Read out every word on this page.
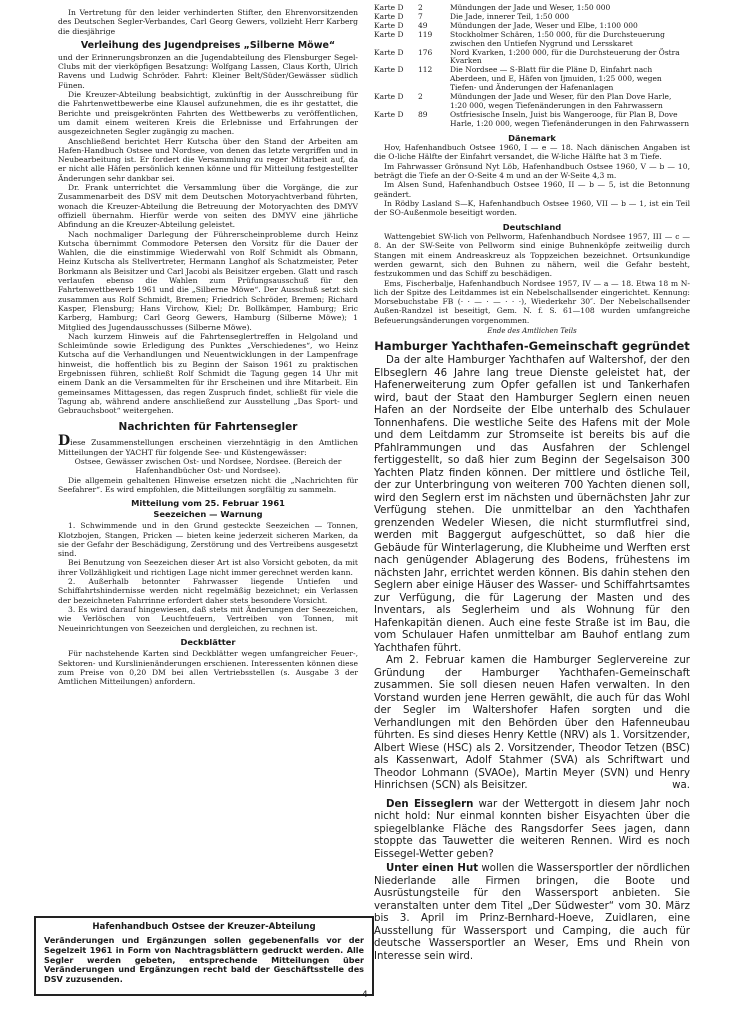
In Vertretung für den leider verhinderten Stifter, den Ehrenvorsitzenden des Deutschen Segler-Verbandes, Carl Georg Gewers, vollzieht Herr Karberg die diesjährige

Verleihung des Jugendpreises „Silberne Möwe“

und der Erinnerungsbronzen an die Jugendabteilung des Flensburger Segel-Clubs mit der vierköpfigen Besatzung: Wolfgang Lassen, Claus Korth, Ulrich Ravens und Ludwig Schröder. Fahrt: Kleiner Belt/Süder/Gewässer südlich Fünen.

Die Kreuzer-Abteilung beabsichtigt, zukünftig in der Ausschreibung für die Fahrtenwettbewerbe eine Klausel aufzunehmen, die es ihr gestattet, die Berichte und preisgekrönten Fahrten des Wettbewerbs zu veröffentlichen, um damit einem weiteren Kreis die Erlebnisse und Erfahrungen der ausgezeichneten Segler zugängig zu machen.

Anschließend berichtet Herr Kutscha über den Stand der Arbeiten am Hafen-Handbuch Ostsee und Nordsee, von denen das letzte vergriffen und in Neubearbeitung ist. Er fordert die Versammlung zu reger Mitarbeit auf, da er nicht alle Häfen persönlich kennen könne und für Mitteilung festgestellter Änderungen sehr dankbar sei.

Dr. Frank unterrichtet die Versammlung über die Vorgänge, die zur Zusammenarbeit des DSV mit dem Deutschen Motoryachtverband führten, wonach die Kreuzer-Abteilung die Betreuung der Motoryachten des DMYV offiziell übernahm. Hierfür werde von seiten des DMYV eine jährliche Abfindung an die Kreuzer-Abteilung geleistet.

Nach nochmaliger Darlegung der Führerscheinprobleme durch Heinz Kutscha übernimmt Commodore Petersen den Vorsitz für die Dauer der Wahlen, die die einstimmige Wiederwahl von Rolf Schmidt als Obmann, Heinz Kutscha als Stellvertreter, Hermann Langhof als Schatzmeister, Peter Borkmann als Beisitzer und Carl Jacobi als Beisitzer ergeben. Glatt und rasch verlaufen ebenso die Wahlen zum Prüfungsausschuß für den Fahrtenwettbewerb 1961 und die „Silberne Möwe“. Der Ausschuß setzt sich zusammen aus Rolf Schmidt, Bremen; Friedrich Schröder, Bremen; Richard Kasper, Flensburg; Hans Virchow, Kiel; Dr. Bollkämper, Hamburg; Eric Karberg, Hamburg; Carl Georg Gewers, Hamburg (Silberne Möwe); 1 Mitglied des Jugendausschusses (Silberne Möwe).

Nach kurzem Hinweis auf die Fahrtenseglertreffen in Helgoland und Schleimünde sowie Erledigung des Punktes „Verschiedenes“, wo Heinz Kutscha auf die Verhandlungen und Neuentwicklungen in der Lampenfrage hinweist, die hoffentlich bis zu Beginn der Saison 1961 zu praktischen Ergebnissen führen, schließt Rolf Schmidt die Tagung gegen 14 Uhr mit einem Dank an die Versammelten für ihr Erscheinen und ihre Mitarbeit. Ein gemeinsames Mittagessen, das regen Zuspruch findet, schließt für viele die Tagung ab, während andere anschließend zur Ausstellung „Das Sport- und Gebrauchsboot“ weitergehen.

Nachrichten für Fahrtensegler

Diese Zusammenstellungen erscheinen vierzehntägig in den Amtlichen Mitteilungen der YACHT für folgende See- und Küstengewässer:

Ostsee, Gewässer zwischen Ost- und Nordsee, Nordsee. (Bereich der Hafenhandbücher Ost- und Nordsee).

Die allgemein gehaltenen Hinweise ersetzen nicht die „Nachrichten für Seefahrer“. Es wird empfohlen, die Mitteilungen sorgfältig zu sammeln.

Mitteilung vom 25. Februar 1961

Seezeichen — Warnung

1. Schwimmende und in den Grund gesteckte Seezeichen — Tonnen, Klotzbojen, Stangen, Pricken — bieten keine jederzeit sicheren Marken, da sie der Gefahr der Beschädigung, Zerstörung und des Vertreibens ausgesetzt sind.

Bei Benutzung von Seezeichen dieser Art ist also Vorsicht geboten, da mit ihrer Vollzähligkeit und richtigen Lage nicht immer gerechnet werden kann.

2. Außerhalb betonnter Fahrwasser liegende Untiefen und Schiffahrtshindernisse werden nicht regelmäßig bezeichnet; ein Verlassen der bezeichneten Fahrrinne erfordert daher stets besondere Vorsicht.

3. Es wird darauf hingewiesen, daß stets mit Änderungen der Seezeichen, wie Verlöschen von Leuchtfeuern, Vertreiben von Tonnen, mit Neueinrichtungen von Seezeichen und dergleichen, zu rechnen ist.

Deckblätter

Für nachstehende Karten sind Deckblätter wegen umfangreicher Feuer-, Sektoren- und Kurslinienänderungen erschienen. Interessenten können diese zum Preise von 0,20 DM bei allen Vertriebsstellen (s. Ausgabe 3 der Amtlichen Mitteilungen) anfordern.

Hafenhandbuch Ostsee der Kreuzer-Abteilung

Veränderungen und Ergänzungen sollen gegebenenfalls vor der Segelzeit 1961 in Form von Nachtragsblättern gedruckt werden. Alle Segler werden gebeten, entsprechende Mitteilungen über Veränderungen und Ergänzungen recht bald der Geschäftsstelle des DSV zuzusenden.

Karte D	2	Mündungen der Jade und Weser, 1:50 000
Karte D	7	Die Jade, innerer Teil, 1:50 000
Karte D	49	Mündungen der Jade, Weser und Elbe, 1:100 000
Karte D	119	Stockholmer Schären, 1:50 000, für die Durchsteuerung zwischen den Untiefen Nygrund und Lersskaret
Karte D	176	Nord Kvarken, 1:200 000, für die Durchsteuerung der Östra Kvarken
Karte D	112	Die Nordsee — S-Blatt für die Pläne D, Einfahrt nach Aberdeen, und E, Häfen von Ijmuiden, 1:25 000, wegen Tiefen- und Änderungen der Hafenanlagen
Karte D	2	Mündungen der Jade und Weser, für den Plan Dove Harle, 1:20 000, wegen Tiefenänderungen in den Fahrwassern
Karte D	89	Ostfriesische Inseln, Juist bis Wangerooge, für Plan B, Dove Harle, 1:20 000, wegen Tiefenänderungen in den Fahrwassern

Dänemark

Hov, Hafenhandbuch Ostsee 1960, I — e — 18. Nach dänischen Angaben ist die O-liche Hälfte der Einfahrt versandet, die W-liche Hälfte hat 3 m Tiefe.

Im Fahrwasser Grönsund Nyt Löb, Hafenhandbuch Ostsee 1960, V — b — 10, beträgt die Tiefe an der O-Seite 4 m und an der W-Seite 4,3 m.

Im Alsen Sund, Hafenhandbuch Ostsee 1960, II — b — 5, ist die Betonnung geändert.

In Rödby Lasland S—K, Hafenhandbuch Ostsee 1960, VII — b — 1, ist ein Teil der SO-Außenmole beseitigt worden.

Deutschland

Wattengebiet SW-lich von Pellworm, Hafenhandbuch Nordsee 1957, III — c — 8. An der SW-Seite von Pellworm sind einige Buhnenköpfe zeitweilig durch Stangen mit einem Andreaskreuz als Toppzeichen bezeichnet. Ortsunkundige werden gewarnt, sich den Buhnen zu nähern, weil die Gefahr besteht, festzukommen und das Schiff zu beschädigen.

Ems, Fischerbalje, Hafenhandbuch Nordsee 1957, IV — a — 18. Etwa 18 m N-lich der Spitze des Leitdammes ist ein Nebelschallsender eingerichtet. Kennung: Morsebuchstabe FB (· · — · — · · ·), Wiederkehr 30″. Der Nebelschallsender Außen-Randzel ist beseitigt, Gem. N. f. S. 61—108 wurden umfangreiche Befeuerungsänderungen vorgenommen.

Ende des Amtlichen Teils

Hamburger Yachthafen-Gemeinschaft gegründet

Da der alte Hamburger Yachthafen auf Waltershof, der den Elbseglern 46 Jahre lang treue Dienste geleistet hat, der Hafenerweiterung zum Opfer gefallen ist und Tankerhafen wird, baut der Staat den Hamburger Seglern einen neuen Hafen an der Nordseite der Elbe unterhalb des Schulauer Tonnenhafens. Die westliche Seite des Hafens mit der Mole und dem Leitdamm zur Stromseite ist bereits bis auf die Pfahlrammungen und das Ausfahren der Schlengel fertiggestellt, so daß hier zum Beginn der Segelsaison 300 Yachten Platz finden können. Der mittlere und östliche Teil, der zur Unterbringung von weiteren 700 Yachten dienen soll, wird den Seglern erst im nächsten und übernächsten Jahr zur Verfügung stehen. Die unmittelbar an den Yachthafen grenzenden Wedeler Wiesen, die nicht sturmflutfrei sind, werden mit Baggergut aufgeschüttet, so daß hier die Gebäude für Winterlagerung, die Klubheime und Werften erst nach genügender Ablagerung des Bodens, frühestens im nächsten Jahr, errichtet werden können. Bis dahin stehen den Seglern aber einige Häuser des Wasser- und Schiffahrtsamtes zur Verfügung, die für Lagerung der Masten und des Inventars, als Seglerheim und als Wohnung für den Hafenkapitän dienen. Auch eine feste Straße ist im Bau, die vom Schulauer Hafen unmittelbar am Bauhof entlang zum Yachthafen führt.

Am 2. Februar kamen die Hamburger Seglervereine zur Gründung der Hamburger Yachthafen-Gemeinschaft zusammen. Sie soll diesen neuen Hafen verwalten. In den Vorstand wurden jene Herren gewählt, die auch für das Wohl der Segler im Waltershofer Hafen sorgten und die Verhandlungen mit den Behörden über den Hafenneubau führten. Es sind dieses Henry Kettle (NRV) als 1. Vorsitzender, Albert Wiese (HSC) als 2. Vorsitzender, Theodor Tetzen (BSC) als Kassenwart, Adolf Stahmer (SVA) als Schriftwart und Theodor Lohmann (SVAOe), Martin Meyer (SVN) und Henry Hinrichsen (SCN) als Beisitzer.	wa.

Den Eisseglern war der Wettergott in diesem Jahr noch nicht hold: Nur einmal konnten bisher Eisyachten über die spiegelblanke Fläche des Rangsdorfer Sees jagen, dann stoppte das Tauwetter die weiteren Rennen. Wird es noch Eissegel-Wetter geben?

Unter einen Hut wollen die Wassersportler der nördlichen Niederlande alle Firmen bringen, die Boote und Ausrüstungsteile für den Wassersport anbieten. Sie veranstalten unter dem Titel „Der Südwester“ vom 30. März bis 3. April im Prinz-Bernhard-Hoeve, Zuidlaren, eine Ausstellung für Wassersport und Camping, die auch für deutsche Wassersportler an Weser, Ems und Rhein von Interesse sein wird.

4
